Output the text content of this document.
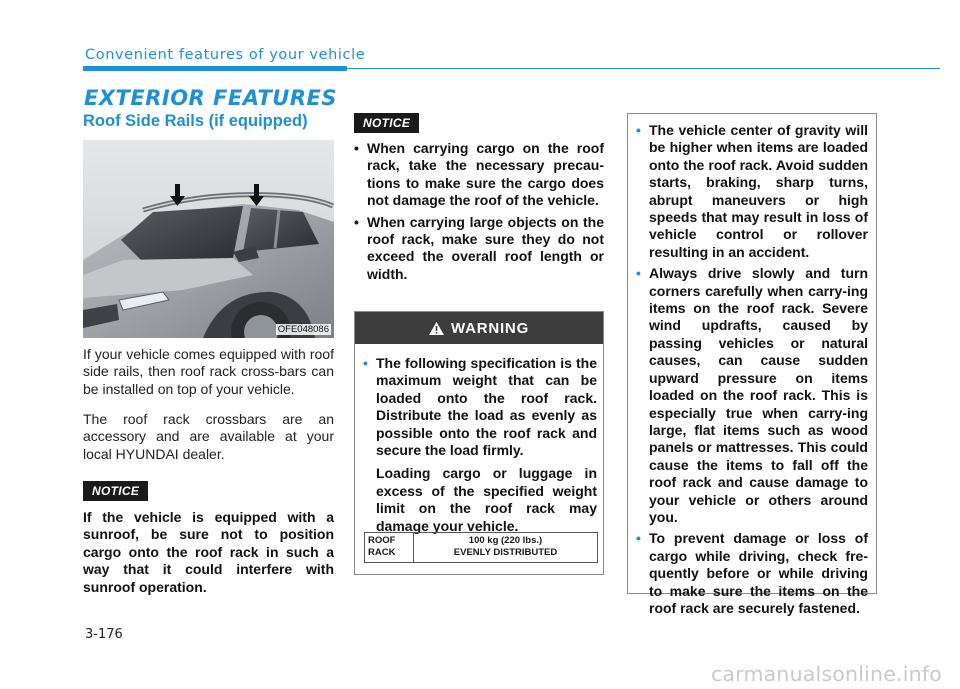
Convenient features of your vehicle
EXTERIOR FEATURES
Roof Side Rails (if equipped)
OFE048086
If your vehicle comes equipped with roof side rails, then roof rack cross-bars can be installed on top of your vehicle.
The roof rack crossbars are an accessory and are available at your local HYUNDAI dealer.
NOTICE
If the vehicle is equipped with a sunroof, be sure not to position cargo onto the roof rack in such a way that it could interfere with sunroof operation.
NOTICE
• When carrying cargo on the roof rack, take the necessary precau-tions to make sure the cargo does not damage the roof of the vehicle.
• When carrying large objects on the roof rack, make sure they do not exceed the overall roof length or width.
WARNING
• The following specification is the maximum weight that can be loaded onto the roof rack. Distribute the load as evenly as possible onto the roof rack and secure the load firmly.

Loading cargo or luggage in excess of the specified weight limit on the roof rack may damage your vehicle.

ROOF
RACK
100 kg (220 lbs.)
EVENLY DISTRIBUTED
• The vehicle center of gravity will be higher when items are loaded onto the roof rack. Avoid sudden starts, braking, sharp turns, abrupt maneuvers or high speeds that may result in loss of vehicle control or rollover resulting in an accident.
• Always drive slowly and turn corners carefully when carry-ing items on the roof rack. Severe wind updrafts, caused by passing vehicles or natural causes, can cause sudden upward pressure on items loaded on the roof rack. This is especially true when carry-ing large, flat items such as wood panels or mattresses. This could cause the items to fall off the roof rack and cause damage to your vehicle or others around you.
• To prevent damage or loss of cargo while driving, check fre-quently before or while driving to make sure the items on the roof rack are securely fastened.
3-176
carmanualsonline.info
